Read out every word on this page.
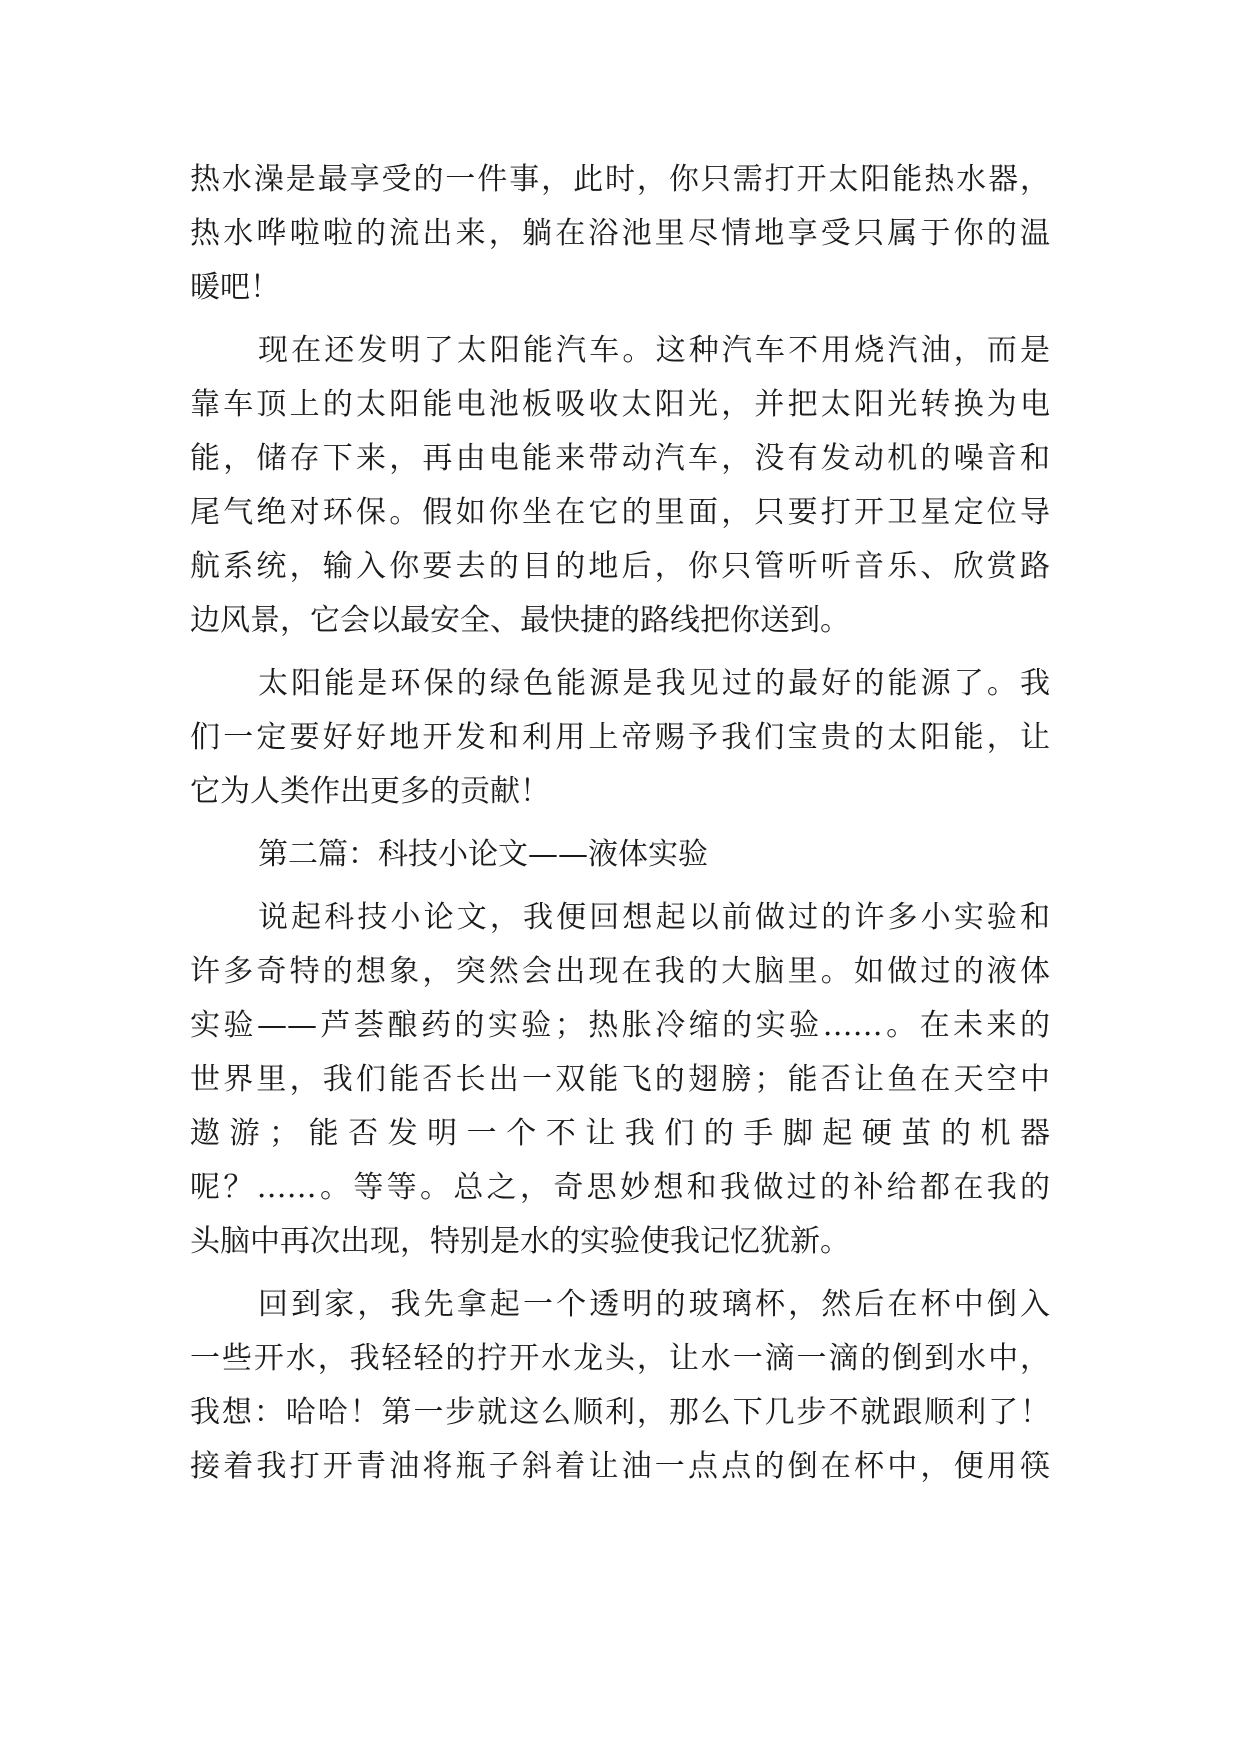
热水澡是最享受的一件事，此时，你只需打开太阳能热水器，
热水哗啦啦的流出来，躺在浴池里尽情地享受只属于你的温
暖吧！
现在还发明了太阳能汽车。这种汽车不用烧汽油，而是
靠车顶上的太阳能电池板吸收太阳光，并把太阳光转换为电
能，储存下来，再由电能来带动汽车，没有发动机的噪音和
尾气绝对环保。假如你坐在它的里面，只要打开卫星定位导
航系统，输入你要去的目的地后，你只管听听音乐、欣赏路
边风景，它会以最安全、最快捷的路线把你送到。
太阳能是环保的绿色能源是我见过的最好的能源了。我
们一定要好好地开发和利用上帝赐予我们宝贵的太阳能，让
它为人类作出更多的贡献！
第二篇：科技小论文——液体实验
说起科技小论文，我便回想起以前做过的许多小实验和
许多奇特的想象，突然会出现在我的大脑里。如做过的液体
实验——芦荟酿药的实验；热胀冷缩的实验……。在未来的
世界里，我们能否长出一双能飞的翅膀；能否让鱼在天空中
遨游；能否发明一个不让我们的手脚起硬茧的机器
呢？……。等等。总之，奇思妙想和我做过的补给都在我的
头脑中再次出现，特别是水的实验使我记忆犹新。
回到家，我先拿起一个透明的玻璃杯，然后在杯中倒入
一些开水，我轻轻的拧开水龙头，让水一滴一滴的倒到水中，
我想：哈哈！第一步就这么顺利，那么下几步不就跟顺利了！
接着我打开青油将瓶子斜着让油一点点的倒在杯中，便用筷
